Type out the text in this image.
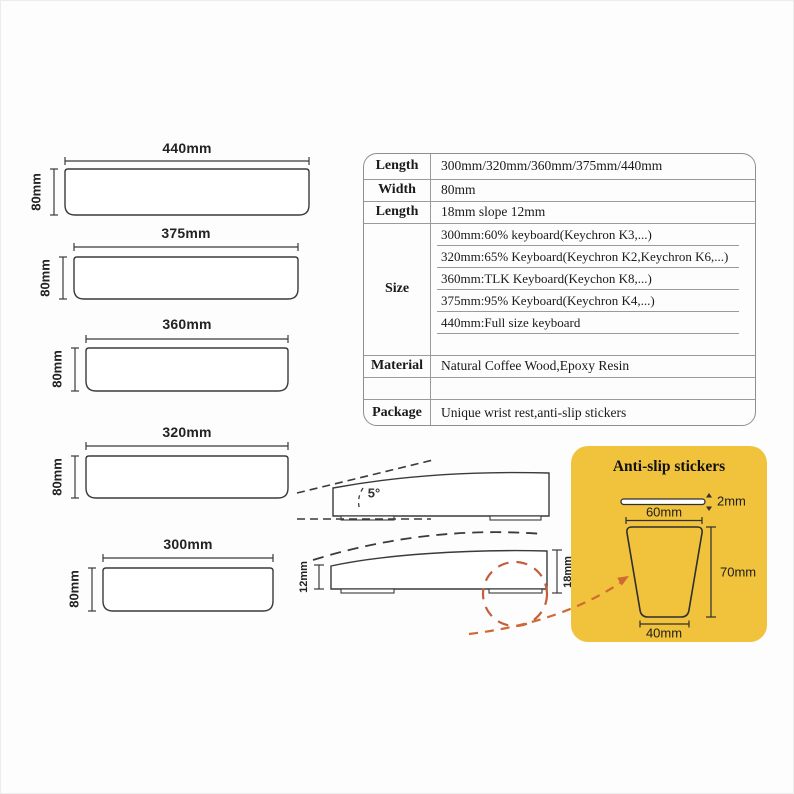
Length	300mm/320mm/360mm/375mm/440mm
Width	80mm
Length	18mm slope 12mm
Size
300mm:60% keyboard(Keychron K3,...)
320mm:65% Keyboard(Keychron K2,Keychron K6,...)
360mm:TLK Keyboard(Keychon K8,...)
375mm:95% Keyboard(Keychron K4,...)
440mm:Full size keyboard
Material	Natural Coffee Wood,Epoxy Resin
Package	Unique wrist rest,anti-slip stickers
440mm
375mm
360mm
320mm
300mm
80mm
80mm
80mm
80mm
80mm
5°
12mm	18mm
Anti-slip stickers
2mm
60mm
70mm
40mm
